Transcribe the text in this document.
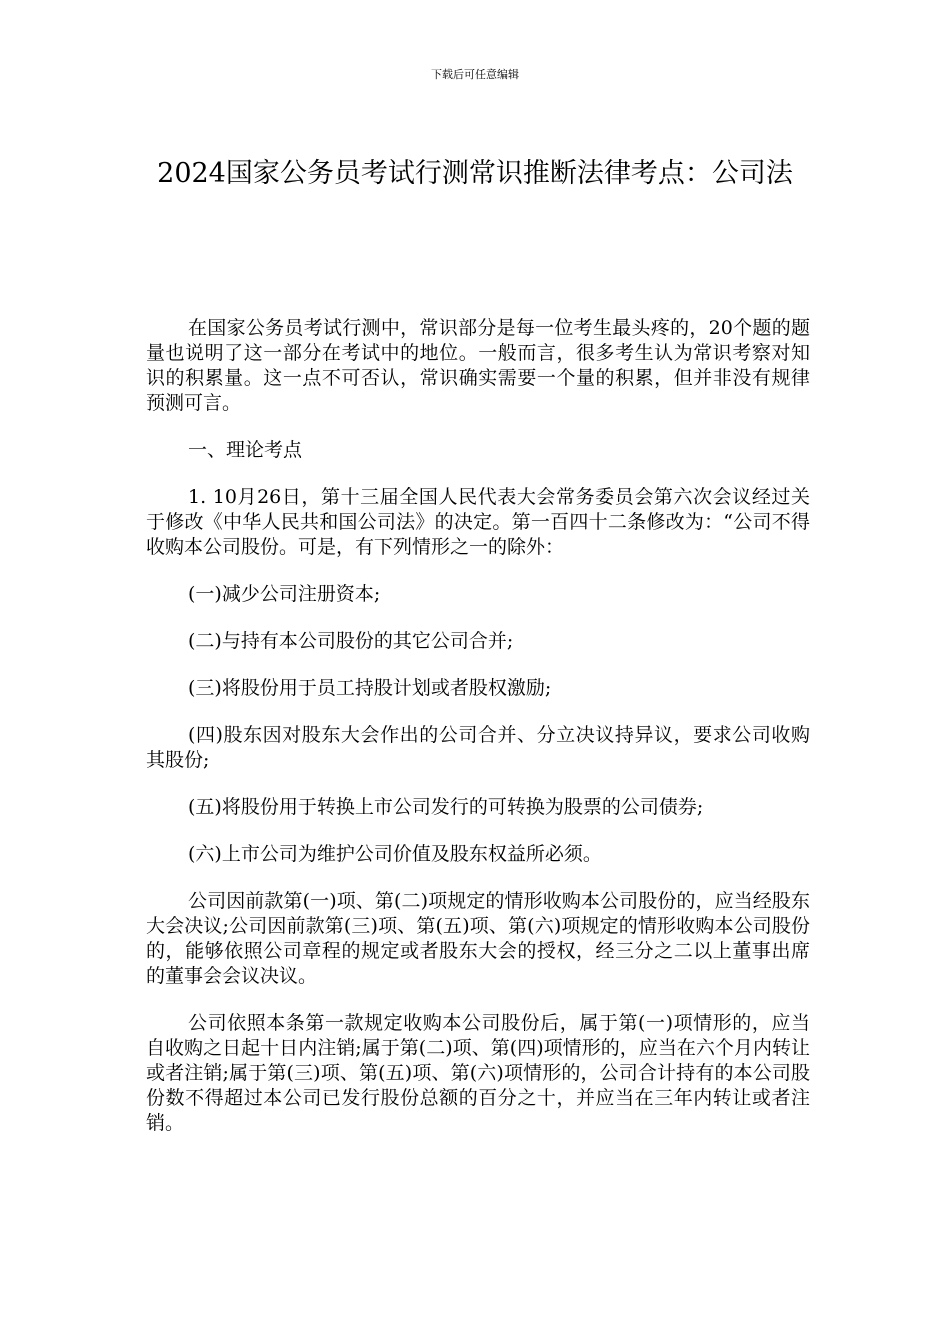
下载后可任意编辑
2024国家公务员考试行测常识推断法律考点：公司法

在国家公务员考试行测中，常识部分是每一位考生最头疼的，20个题的题量也说明了这一部分在考试中的地位。一般而言，很多考生认为常识考察对知识的积累量。这一点不可否认，常识确实需要一个量的积累，但并非没有规律预测可言。

一、理论考点

1. 10月26日，第十三届全国人民代表大会常务委员会第六次会议经过关于修改《中华人民共和国公司法》的决定。第一百四十二条修改为：“公司不得收购本公司股份。可是，有下列情形之一的除外：

(一)减少公司注册资本;

(二)与持有本公司股份的其它公司合并;

(三)将股份用于员工持股计划或者股权激励;

(四)股东因对股东大会作出的公司合并、分立决议持异议，要求公司收购其股份;

(五)将股份用于转换上市公司发行的可转换为股票的公司债券;

(六)上市公司为维护公司价值及股东权益所必须。

公司因前款第(一)项、第(二)项规定的情形收购本公司股份的，应当经股东大会决议;公司因前款第(三)项、第(五)项、第(六)项规定的情形收购本公司股份的，能够依照公司章程的规定或者股东大会的授权，经三分之二以上董事出席的董事会会议决议。

公司依照本条第一款规定收购本公司股份后，属于第(一)项情形的，应当自收购之日起十日内注销;属于第(二)项、第(四)项情形的，应当在六个月内转让或者注销;属于第(三)项、第(五)项、第(六)项情形的，公司合计持有的本公司股份数不得超过本公司已发行股份总额的百分之十，并应当在三年内转让或者注销。
